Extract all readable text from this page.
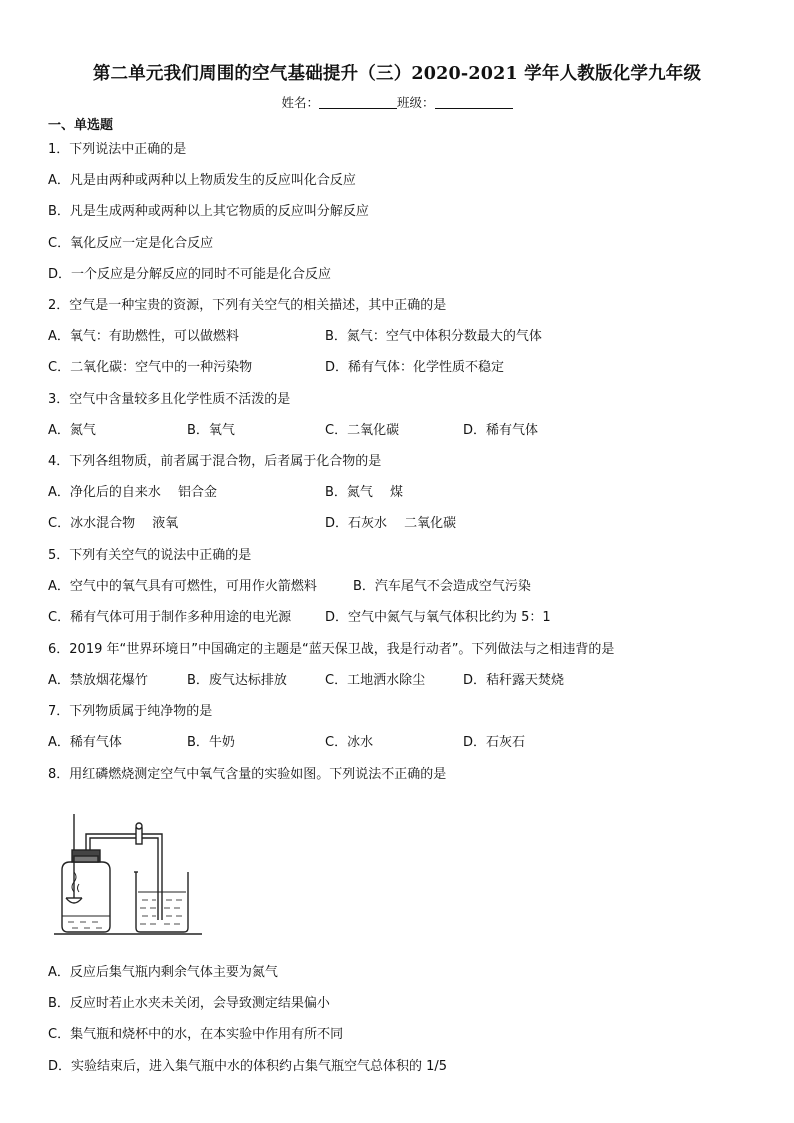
第二单元我们周围的空气基础提升（三）2020-2021 学年人教版化学九年级
姓名：	班级：
一、单选题
1．下列说法中正确的是
A．凡是由两种或两种以上物质发生的反应叫化合反应
B．凡是生成两种或两种以上其它物质的反应叫分解反应
C．氧化反应一定是化合反应
D．一个反应是分解反应的同时不可能是化合反应
2．空气是一种宝贵的资源，下列有关空气的相关描述，其中正确的是
A．氧气：有助燃性，可以做燃料	B．氮气：空气中体积分数最大的气体
C．二氧化碳：空气中的一种污染物	D．稀有气体：化学性质不稳定
3．空气中含量较多且化学性质不活泼的是
A．氮气	B．氧气	C．二氧化碳	D．稀有气体
4．下列各组物质，前者属于混合物，后者属于化合物的是
A．净化后的自来水　 铝合金	B．氮气　 煤
C．冰水混合物　 液氧	D．石灰水　 二氧化碳
5．下列有关空气的说法中正确的是
A．空气中的氧气具有可燃性，可用作火箭燃料	B．汽车尾气不会造成空气污染
C．稀有气体可用于制作多种用途的电光源	D．空气中氮气与氧气体积比约为 5：1
6．2019 年“世界环境日”中国确定的主题是“蓝天保卫战，我是行动者”。下列做法与之相违背的是
A．禁放烟花爆竹	B．废气达标排放	C．工地洒水除尘	D．秸秆露天焚烧
7．下列物质属于纯净物的是
A．稀有气体	B．牛奶	C．冰水	D．石灰石
8．用红磷燃烧测定空气中氧气含量的实验如图。下列说法不正确的是
A．反应后集气瓶内剩余气体主要为氮气
B．反应时若止水夹未关闭，会导致测定结果偏小
C．集气瓶和烧杯中的水，在本实验中作用有所不同
D．实验结束后，进入集气瓶中水的体积约占集气瓶空气总体积的 1/5
